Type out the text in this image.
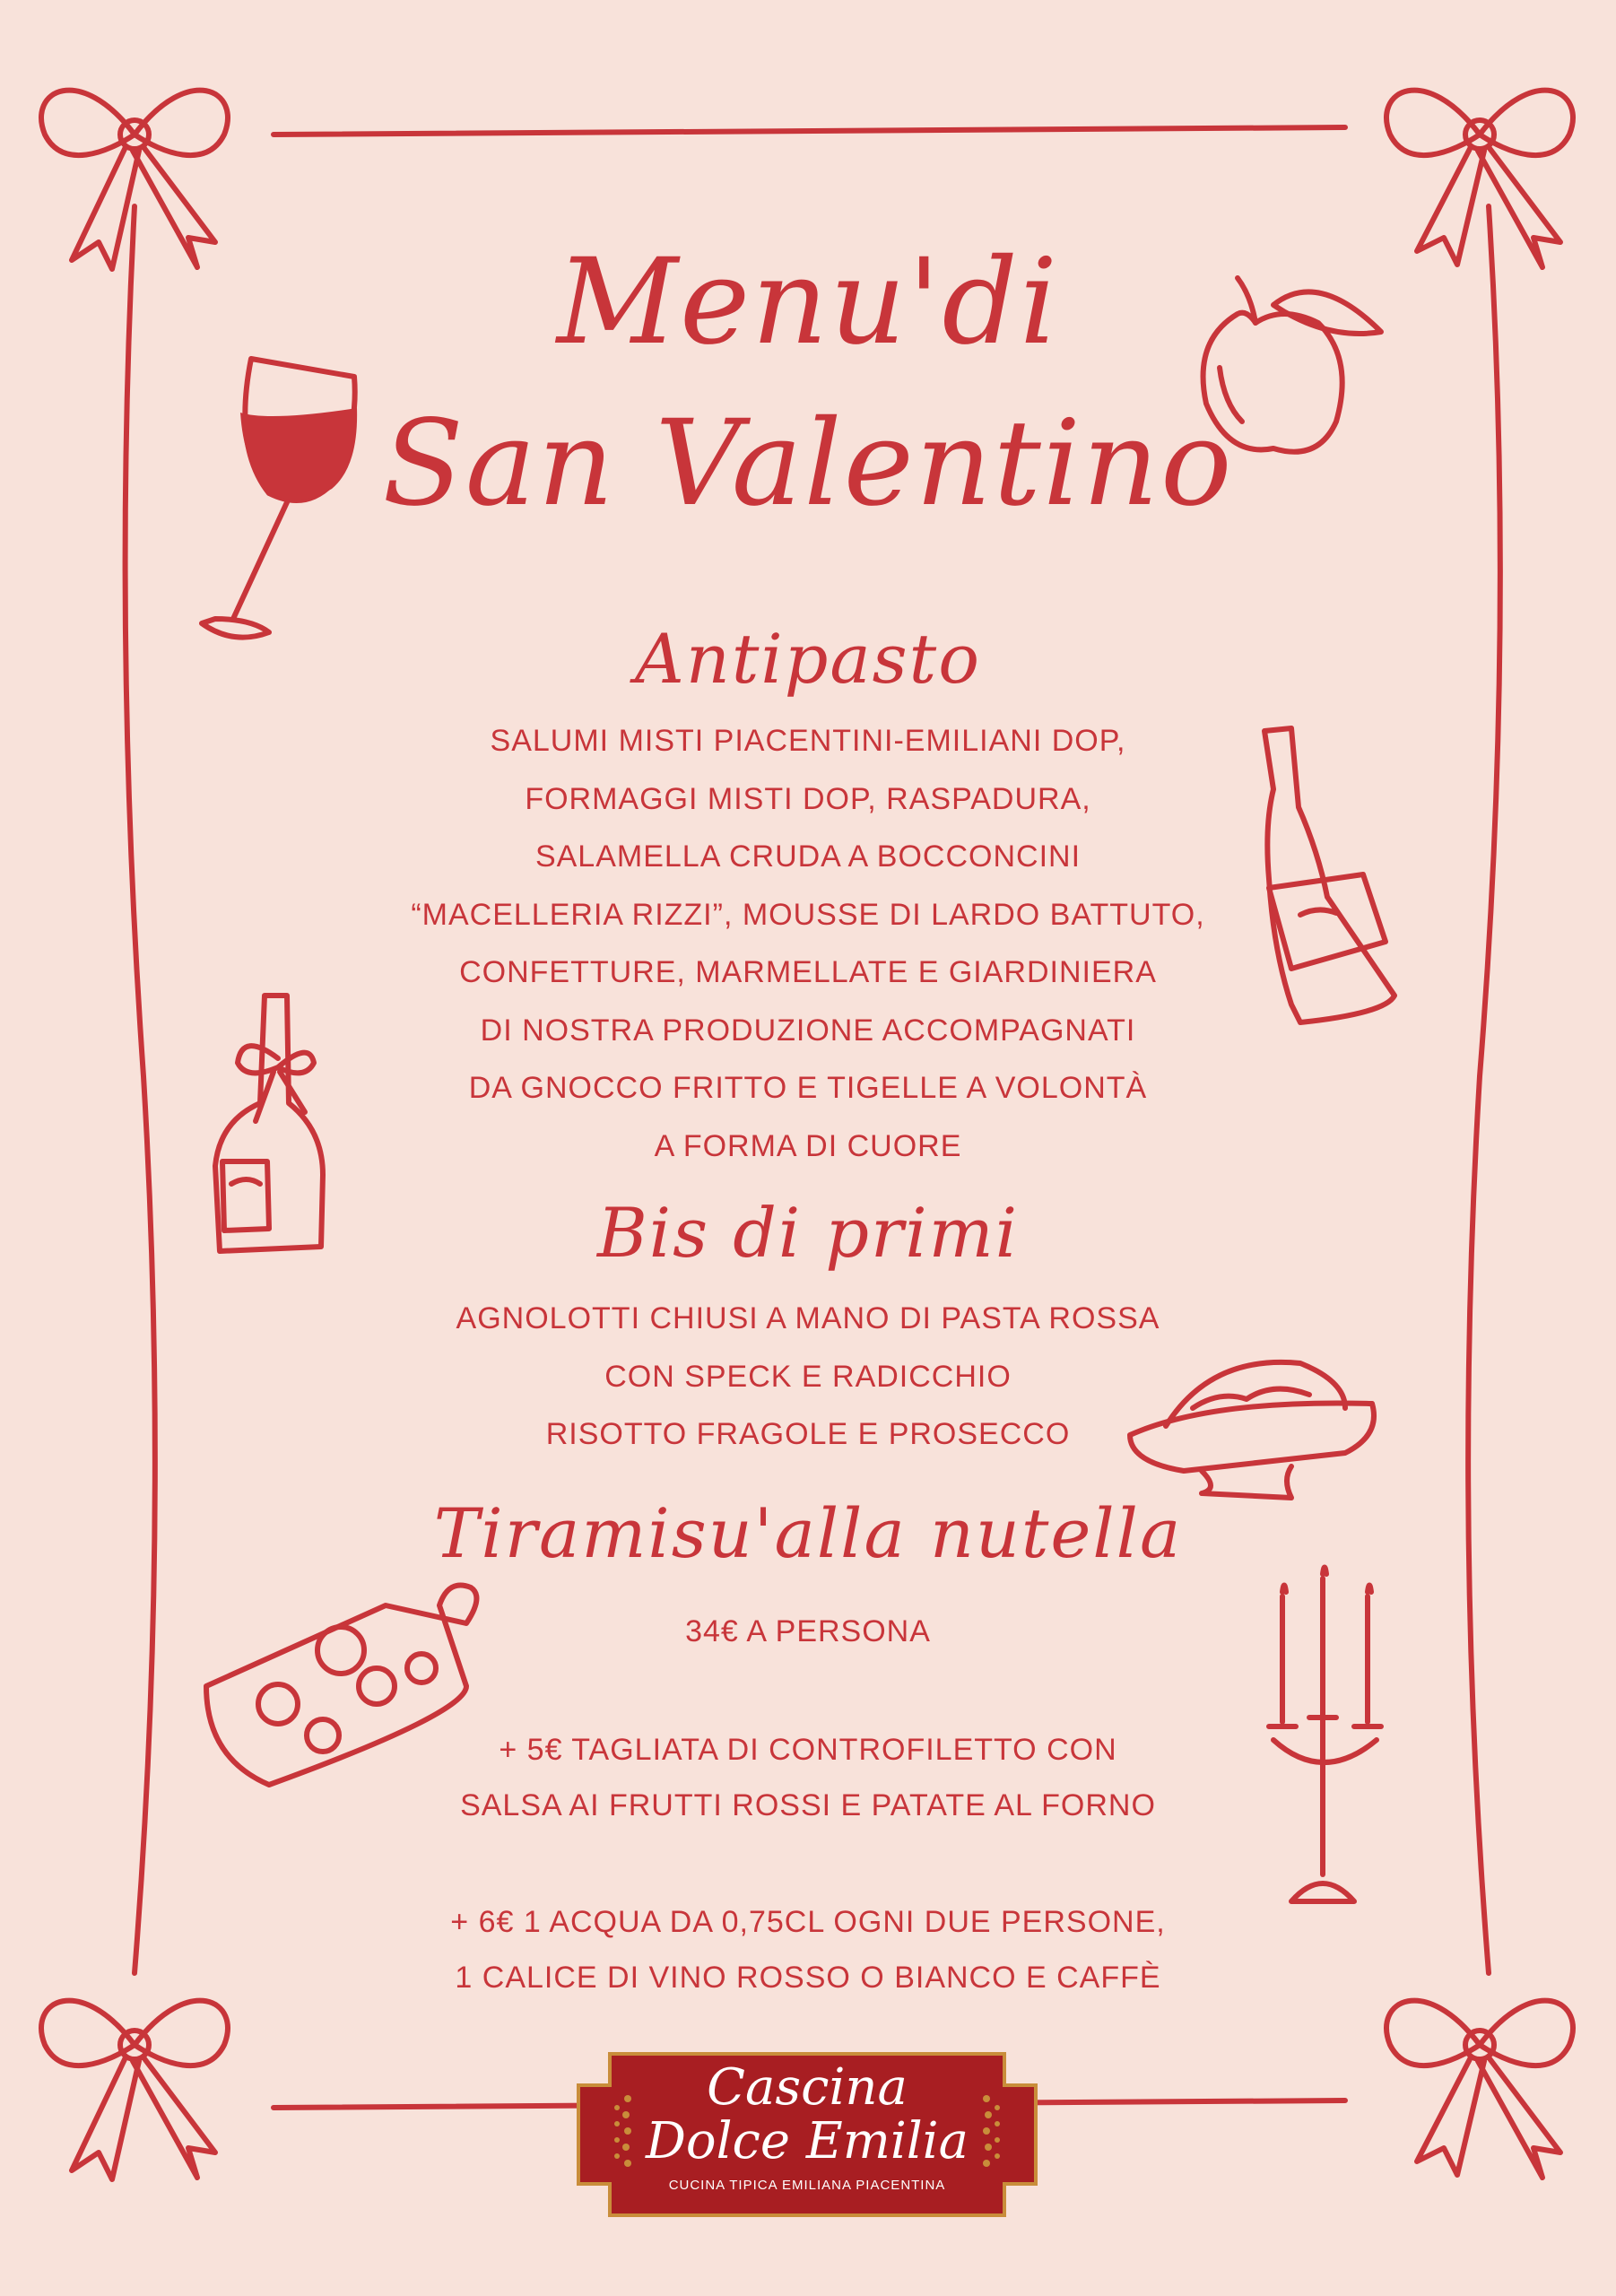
Menu'di
San Valentino
Antipasto
SALUMI MISTI PIACENTINI-EMILIANI DOP,
FORMAGGI MISTI DOP, RASPADURA,
SALAMELLA CRUDA A BOCCONCINI
“MACELLERIA RIZZI”, MOUSSE DI LARDO BATTUTO,
CONFETTURE, MARMELLATE E GIARDINIERA
DI NOSTRA PRODUZIONE ACCOMPAGNATI
DA GNOCCO FRITTO E TIGELLE A VOLONTÀ
A FORMA DI CUORE
Bis di primi
AGNOLOTTI CHIUSI A MANO DI PASTA ROSSA
CON SPECK E RADICCHIO
RISOTTO FRAGOLE E PROSECCO
Tiramisu'alla nutella
34€ A PERSONA
+ 5€ TAGLIATA DI CONTROFILETTO CON
SALSA AI FRUTTI ROSSI E PATATE AL FORNO
+ 6€ 1 ACQUA DA 0,75CL OGNI DUE PERSONE,
1 CALICE DI VINO ROSSO O BIANCO E CAFFÈ
Cascina
Dolce Emilia
CUCINA TIPICA EMILIANA PIACENTINA
